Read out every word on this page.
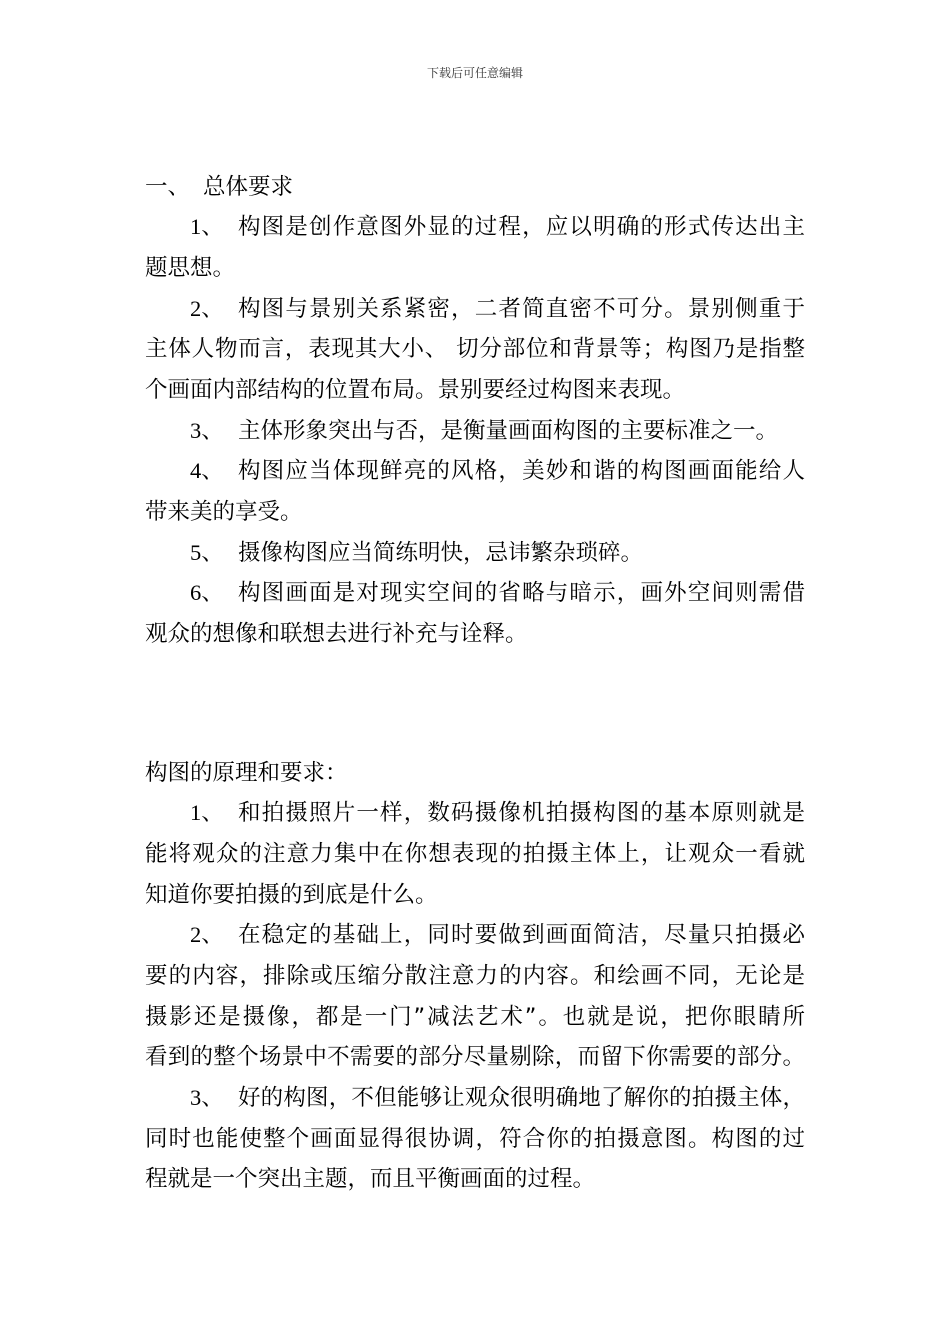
下载后可任意编辑
一、 总体要求
1、 构图是创作意图外显的过程，应以明确的形式传达出主
题思想。
2、 构图与景别关系紧密，二者简直密不可分。景别侧重于
主体人物而言，表现其大小、 切分部位和背景等；构图乃是指整
个画面内部结构的位置布局。景别要经过构图来表现。
3、 主体形象突出与否，是衡量画面构图的主要标准之一。
4、 构图应当体现鲜亮的风格，美妙和谐的构图画面能给人
带来美的享受。
5、 摄像构图应当简练明快，忌讳繁杂琐碎。
6、 构图画面是对现实空间的省略与暗示，画外空间则需借
观众的想像和联想去进行补充与诠释。
构图的原理和要求：
1、 和拍摄照片一样，数码摄像机拍摄构图的基本原则就是
能将观众的注意力集中在你想表现的拍摄主体上，让观众一看就
知道你要拍摄的到底是什么。
2、 在稳定的基础上，同时要做到画面简洁，尽量只拍摄必
要的内容，排除或压缩分散注意力的内容。和绘画不同，无论是
摄影还是摄像，都是一门”减法艺术”。也就是说，把你眼睛所
看到的整个场景中不需要的部分尽量剔除，而留下你需要的部分。
3、 好的构图，不但能够让观众很明确地了解你的拍摄主体，
同时也能使整个画面显得很协调，符合你的拍摄意图。构图的过
程就是一个突出主题，而且平衡画面的过程。
